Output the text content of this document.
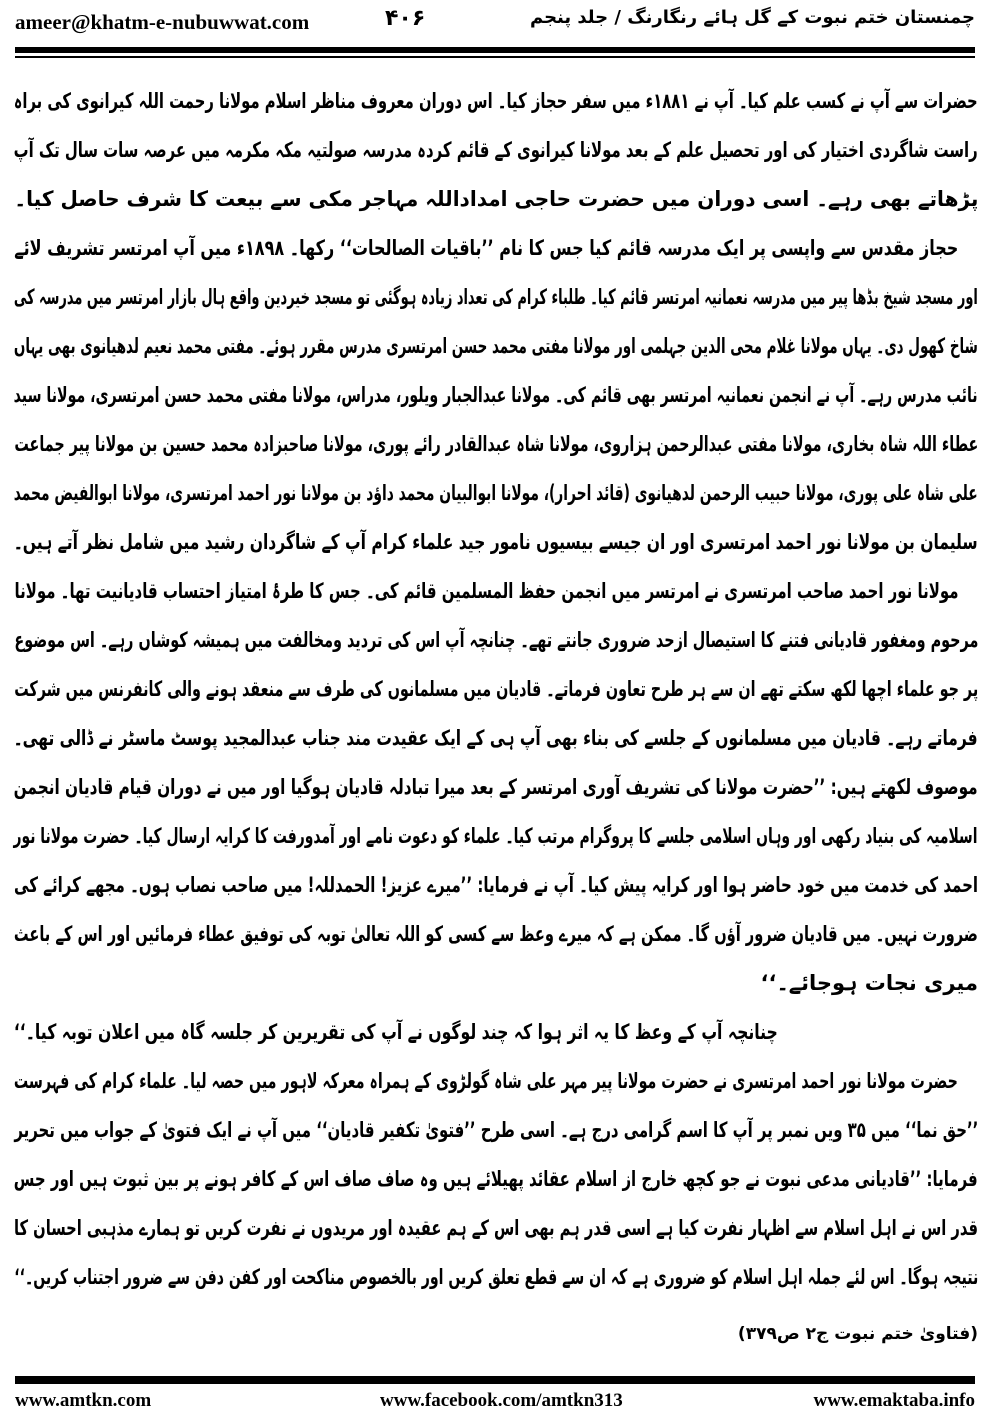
ameer@khatm-e-nubuwwat.com	۴۰۶	چمنستان ختم نبوت کے گل ہائے رنگارنگ / جلد پنجم
حضرات سے آپ نے کسب علم کیا۔ آپ نے ۱۸۸۱ء میں سفر حجاز کیا۔ اس دوران معروف مناظر اسلام مولانا رحمت اللہ کیرانوی کی براہ
راست شاگردی اختیار کی اور تحصیل علم کے بعد مولانا کیرانوی کے قائم کردہ مدرسہ صولتیہ مکہ مکرمہ میں عرصہ سات سال تک آپ
پڑھاتے بھی رہے۔ اسی دوران میں حضرت حاجی امداداللہ مہاجر مکی سے بیعت کا شرف حاصل کیا۔
حجاز مقدس سے واپسی پر ایک مدرسہ قائم کیا جس کا نام ’’باقیات الصالحات‘‘ رکھا۔ ۱۸۹۸ء میں آپ امرتسر تشریف لائے
اور مسجد شیخ بڈھا پیر میں مدرسہ نعمانیہ امرتسر قائم کیا۔ طلباء کرام کی تعداد زیادہ ہوگئی تو مسجد خیردین واقع ہال بازار امرتسر میں مدرسہ کی
شاخ کھول دی۔ یہاں مولانا غلام محی الدین جہلمی اور مولانا مفتی محمد حسن امرتسری مدرس مقرر ہوئے۔ مفتی محمد نعیم لدھیانوی بھی یہاں
نائب مدرس رہے۔ آپ نے انجمن نعمانیہ امرتسر بھی قائم کی۔ مولانا عبدالجبار ویلور، مدراس، مولانا مفتی محمد حسن امرتسری، مولانا سید
عطاء اللہ شاہ بخاری، مولانا مفتی عبدالرحمن ہزاروی، مولانا شاہ عبدالقادر رائے پوری، مولانا صاحبزادہ محمد حسین بن مولانا پیر جماعت
علی شاہ علی پوری، مولانا حبیب الرحمن لدھیانوی (قائد احرار)، مولانا ابوالبیان محمد داؤد بن مولانا نور احمد امرتسری، مولانا ابوالفیض محمد
سلیمان بن مولانا نور احمد امرتسری اور ان جیسے بیسیوں نامور جید علماء کرام آپ کے شاگردان رشید میں شامل نظر آتے ہیں۔
مولانا نور احمد صاحب امرتسری نے امرتسر میں انجمن حفظ المسلمین قائم کی۔ جس کا طرۂ امتیاز احتساب قادیانیت تھا۔ مولانا
مرحوم ومغفور قادیانی فتنے کا استیصال ازحد ضروری جانتے تھے۔ چنانچہ آپ اس کی تردید ومخالفت میں ہمیشہ کوشاں رہے۔ اس موضوع
پر جو علماء اچھا لکھ سکتے تھے ان سے ہر طرح تعاون فرماتے۔ قادیان میں مسلمانوں کی طرف سے منعقد ہونے والی کانفرنس میں شرکت
فرماتے رہے۔ قادیان میں مسلمانوں کے جلسے کی بناء بھی آپ ہی کے ایک عقیدت مند جناب عبدالمجید پوسٹ ماسٹر نے ڈالی تھی۔
موصوف لکھتے ہیں: ’’حضرت مولانا کی تشریف آوری امرتسر کے بعد میرا تبادلہ قادیان ہوگیا اور میں نے دوران قیام قادیان انجمن
اسلامیہ کی بنیاد رکھی اور وہاں اسلامی جلسے کا پروگرام مرتب کیا۔ علماء کو دعوت نامے اور آمدورفت کا کرایہ ارسال کیا۔ حضرت مولانا نور
احمد کی خدمت میں خود حاضر ہوا اور کرایہ پیش کیا۔ آپ نے فرمایا: ’’میرے عزیز! الحمدللہ! میں صاحب نصاب ہوں۔ مجھے کرائے کی
ضرورت نہیں۔ میں قادیان ضرور آؤں گا۔ ممکن ہے کہ میرے وعظ سے کسی کو اللہ تعالیٰ توبہ کی توفیق عطاء فرمائیں اور اس کے باعث
میری نجات ہوجائے۔‘‘
چنانچہ آپ کے وعظ کا یہ اثر ہوا کہ چند لوگوں نے آپ کی تقریرین کر جلسہ گاہ میں اعلان توبہ کیا۔‘‘
حضرت مولانا نور احمد امرتسری نے حضرت مولانا پیر مہر علی شاہ گولڑوی کے ہمراہ معرکہ لاہور میں حصہ لیا۔ علماء کرام کی فہرست
’’حق نما‘‘ میں ۳۵ ویں نمبر پر آپ کا اسم گرامی درج ہے۔ اسی طرح ’’فتویٰ تکفیر قادیان‘‘ میں آپ نے ایک فتویٰ کے جواب میں تحریر
فرمایا: ’’قادیانی مدعی نبوت نے جو کچھ خارج از اسلام عقائد پھیلائے ہیں وہ صاف صاف اس کے کافر ہونے پر بین ثبوت ہیں اور جس
قدر اس نے اہل اسلام سے اظہار نفرت کیا ہے اسی قدر ہم بھی اس کے ہم عقیدہ اور مریدوں نے نفرت کریں تو ہمارے مذہبی احسان کا
نتیجہ ہوگا۔ اس لئے جملہ اہل اسلام کو ضروری ہے کہ ان سے قطع تعلق کریں اور بالخصوص مناکحت اور کفن دفن سے ضرور اجتناب کریں۔‘‘
(فتاویٰ ختم نبوت ج۲ ص۳۷۹)
www.amtkn.com	www.facebook.com/amtkn313	www.emaktaba.info
